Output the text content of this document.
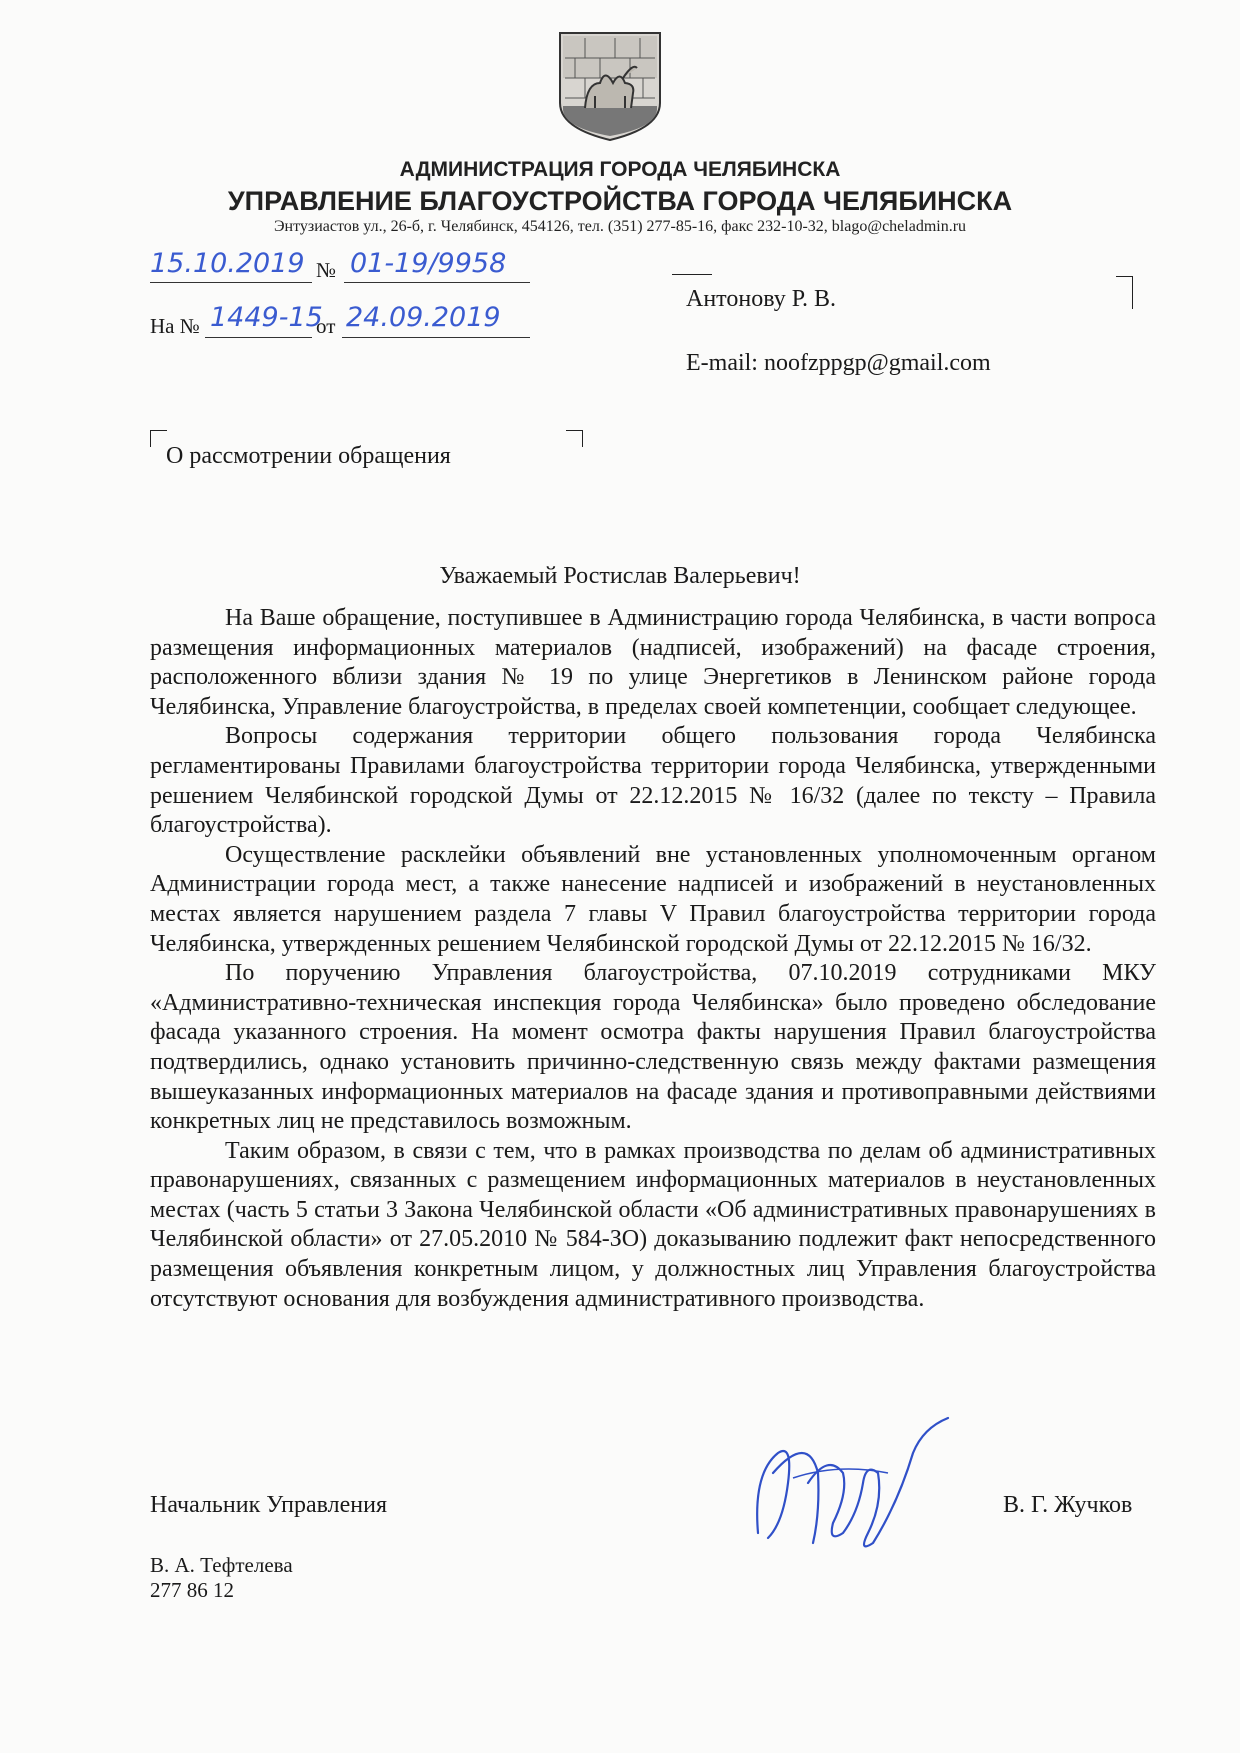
АДМИНИСТРАЦИЯ ГОРОДА ЧЕЛЯБИНСКА
УПРАВЛЕНИЕ БЛАГОУСТРОЙСТВА ГОРОДА ЧЕЛЯБИНСКА
Энтузиастов ул., 26-б, г. Челябинск, 454126, тел. (351) 277-85-16, факс 232-10-32, blago@cheladmin.ru
15.10.2019 № 01-19/9958
На № 1449-15
от 24.09.2019
Антонову Р. В.
E-mail: noofzppgp@gmail.com
О рассмотрении обращения
Уважаемый Ростислав Валерьевич!

На Ваше обращение, поступившее в Администрацию города Челябинска, в части вопроса размещения информационных материалов (надписей, изображений) на фасаде строения, расположенного вблизи здания № 19 по улице Энергетиков в Ленинском районе города Челябинска, Управление благоустройства, в пределах своей компетенции, сообщает следующее.

Вопросы содержания территории общего пользования города Челябинска регламентированы Правилами благоустройства территории города Челябинска, утвержденными решением Челябинской городской Думы от 22.12.2015 № 16/32 (далее по тексту – Правила благоустройства).

Осуществление расклейки объявлений вне установленных уполномоченным органом Администрации города мест, а также нанесение надписей и изображений в неустановленных местах является нарушением раздела 7 главы V Правил благоустройства территории города Челябинска, утвержденных решением Челябинской городской Думы от 22.12.2015 № 16/32.

По поручению Управления благоустройства, 07.10.2019 сотрудниками МКУ «Административно-техническая инспекция города Челябинска» было проведено обследование фасада указанного строения. На момент осмотра факты нарушения Правил благоустройства подтвердились, однако установить причинно-следственную связь между фактами размещения вышеуказанных информационных материалов на фасаде здания и противоправными действиями конкретных лиц не представилось возможным.

Таким образом, в связи с тем, что в рамках производства по делам об административных правонарушениях, связанных с размещением информационных материалов в неустановленных местах (часть 5 статьи 3 Закона Челябинской области «Об административных правонарушениях в Челябинской области» от 27.05.2010 № 584-ЗО) доказыванию подлежит факт непосредственного размещения объявления конкретным лицом, у должностных лиц Управления благоустройства отсутствуют основания для возбуждения административного производства.

Начальник Управления	В. Г. Жучков
В. А. Тефтелева
277 86 12
